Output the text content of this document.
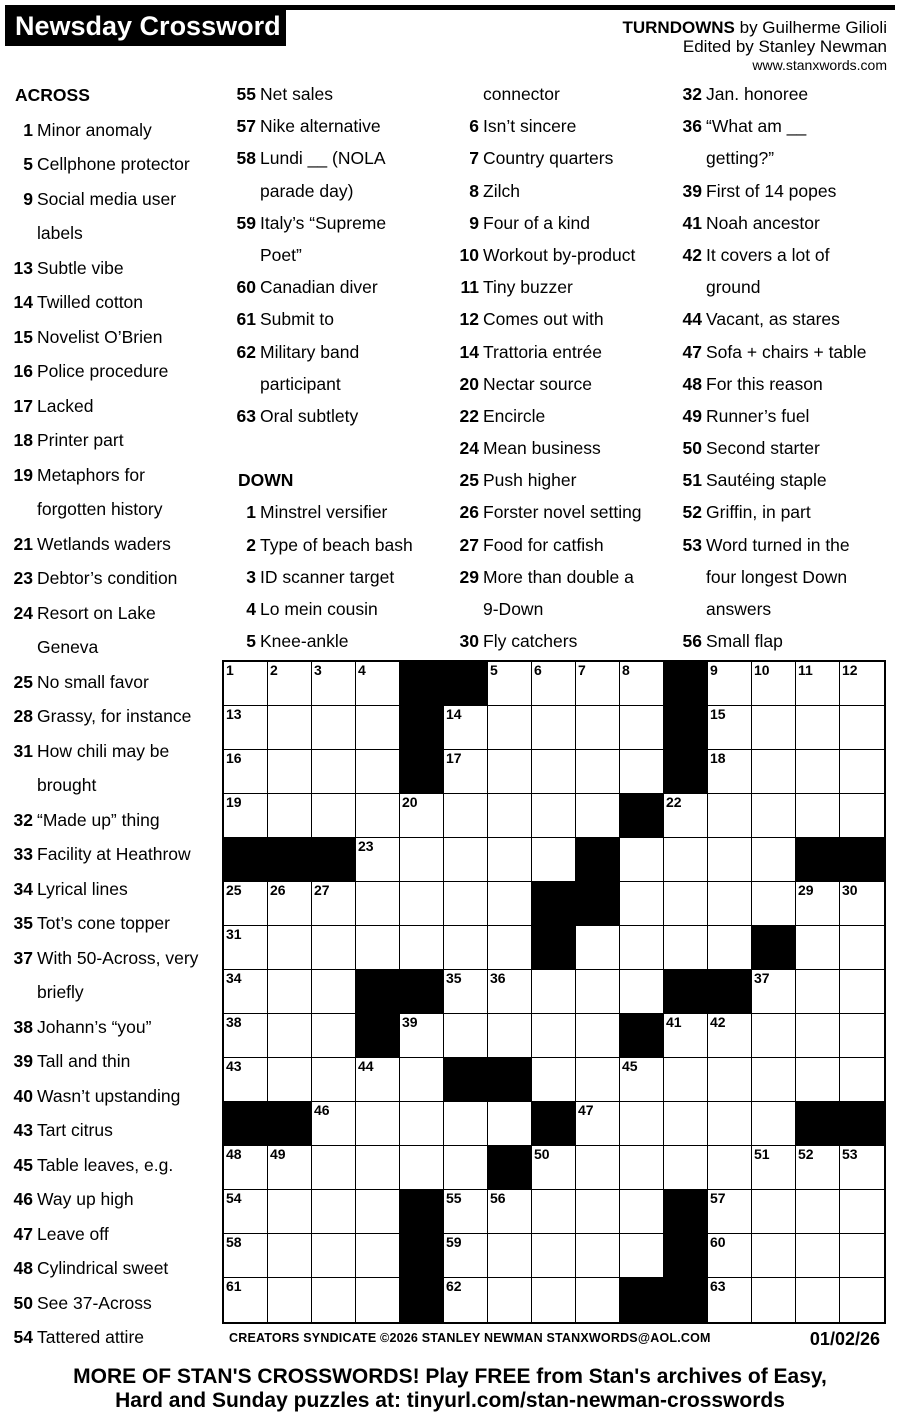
Newsday Crossword	TURNDOWNS by Guilherme Gilioli
Edited by Stanley Newman
www.stanxwords.com
ACROSS
1 Minor anomaly
5 Cellphone protector
9 Social media user
labels
13 Subtle vibe
14 Twilled cotton
15 Novelist O’Brien
16 Police procedure
17 Lacked
18 Printer part
19 Metaphors for
forgotten history
21 Wetlands waders
23 Debtor’s condition
24 Resort on Lake
Geneva
25 No small favor
28 Grassy, for instance
31 How chili may be
brought
32 “Made up” thing
33 Facility at Heathrow
34 Lyrical lines
35 Tot’s cone topper
37 With 50-Across, very
briefly
38 Johann’s “you”
39 Tall and thin
40 Wasn’t upstanding
43 Tart citrus
45 Table leaves, e.g.
46 Way up high
47 Leave off
48 Cylindrical sweet
50 See 37-Across
54 Tattered attire
55 Net sales
57 Nike alternative
58 Lundi __ (NOLA
parade day)
59 Italy’s “Supreme
Poet”
60 Canadian diver
61 Submit to
62 Military band
participant
63 Oral subtlety

DOWN
1 Minstrel versifier
2 Type of beach bash
3 ID scanner target
4 Lo mein cousin
5 Knee-ankle
connector
6 Isn’t sincere
7 Country quarters
8 Zilch
9 Four of a kind
10 Workout by-product
11 Tiny buzzer
12 Comes out with
14 Trattoria entrée
20 Nectar source
22 Encircle
24 Mean business
25 Push higher
26 Forster novel setting
27 Food for catfish
29 More than double a
9-Down
30 Fly catchers
32 Jan. honoree
36 “What am __
getting?”
39 First of 14 popes
41 Noah ancestor
42 It covers a lot of
ground
44 Vacant, as stares
47 Sofa + chairs + table
48 For this reason
49 Runner’s fuel
50 Second starter
51 Sautéing staple
52 Griffin, in part
53 Word turned in the
four longest Down
answers
56 Small flap
1	2	3	4	5	6	7	8	9	10 11 12
13	14	15
16	17	18
19	20	22
23
25 26 27	29 30
31
34	35 36	37
38	39	41 42
43	44	45
46	47
48 49	50	51 52 53
54	55 56	57
58	59	60
61	62	63
CREATORS SYNDICATE ©2026 STANLEY NEWMAN STANXWORDS@AOL.COM	01/02/26
MORE OF STAN'S CROSSWORDS! Play FREE from Stan's archives of Easy,
Hard and Sunday puzzles at: tinyurl.com/stan-newman-crosswords
